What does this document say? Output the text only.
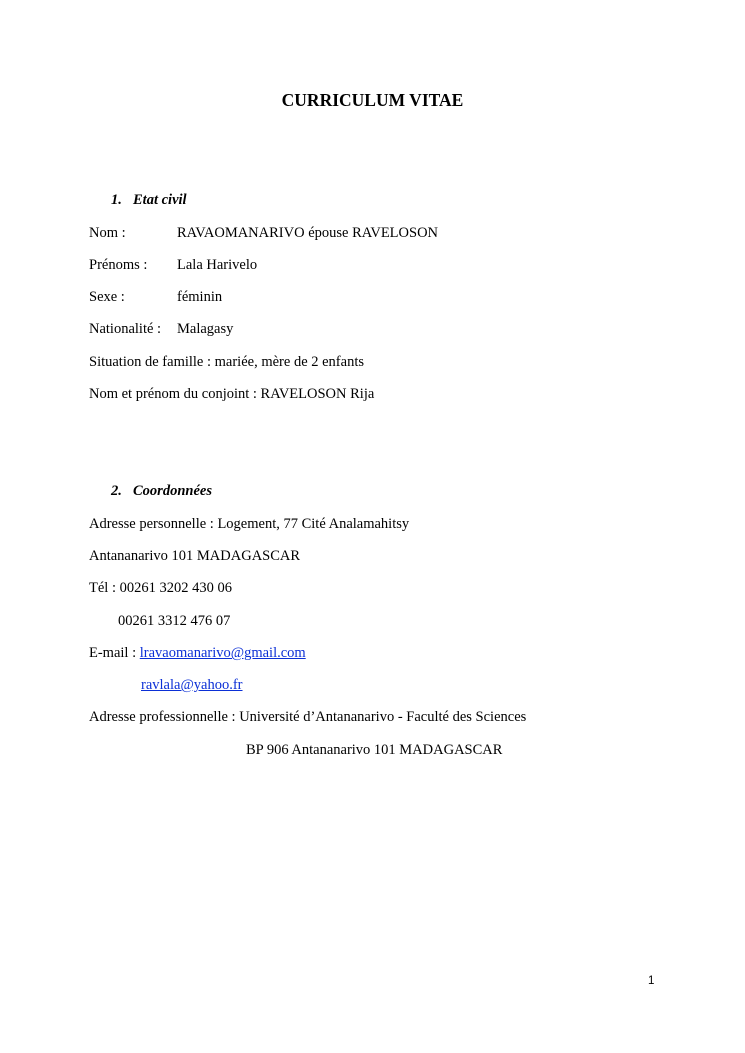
CURRICULUM VITAE
1. Etat civil
Nom :	RAVAOMANARIVO épouse RAVELOSON
Prénoms : Lala Harivelo
Sexe :	féminin
Nationalité : Malagasy
Situation de famille : mariée, mère de 2 enfants
Nom et prénom du conjoint : RAVELOSON Rija
2. Coordonnées
Adresse personnelle : Logement, 77 Cité Analamahitsy
Antananarivo 101 MADAGASCAR
Tél : 00261 3202 430 06
00261 3312 476 07
E-mail : lravaomanarivo@gmail.com
ravlala@yahoo.fr
Adresse professionnelle : Université d’Antananarivo - Faculté des Sciences
BP 906 Antananarivo 101 MADAGASCAR
1
